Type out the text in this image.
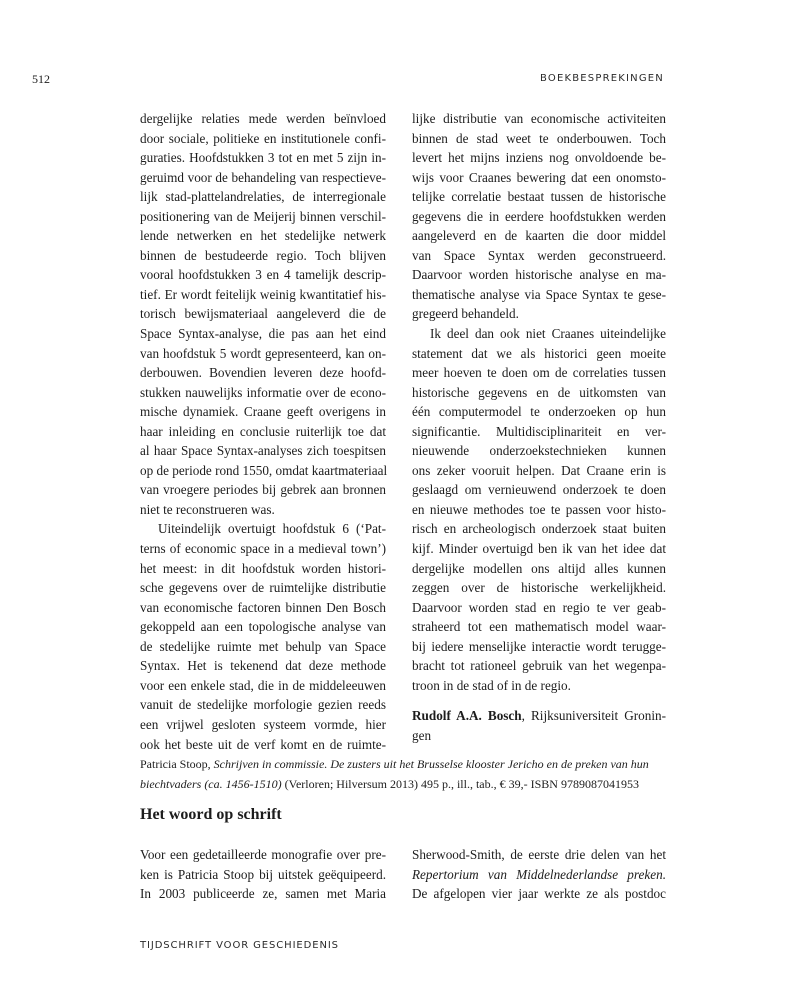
512	BOEKBESPREKINGEN
dergelijke relaties mede werden beïnvloed
door sociale, politieke en institutionele confi-
guraties. Hoofdstukken 3 tot en met 5 zijn in-
geruimd voor de behandeling van respectieve-
lijk stad-plattelandrelaties, de interregionale
positionering van de Meijerij binnen verschil-
lende netwerken en het stedelijke netwerk
binnen de bestudeerde regio. Toch blijven
vooral hoofdstukken 3 en 4 tamelijk descrip-
tief. Er wordt feitelijk weinig kwantitatief his-
torisch bewijsmateriaal aangeleverd die de
Space Syntax-analyse, die pas aan het eind
van hoofdstuk 5 wordt gepresenteerd, kan on-
derbouwen. Bovendien leveren deze hoofd-
stukken nauwelijks informatie over de econo-
mische dynamiek. Craane geeft overigens in
haar inleiding en conclusie ruiterlijk toe dat
al haar Space Syntax-analyses zich toespitsen
op de periode rond 1550, omdat kaartmateriaal
van vroegere periodes bij gebrek aan bronnen
niet te reconstrueren was.
Uiteindelijk overtuigt hoofdstuk 6 (‘Pat-
terns of economic space in a medieval town’)
het meest: in dit hoofdstuk worden histori-
sche gegevens over de ruimtelijke distributie
van economische factoren binnen Den Bosch
gekoppeld aan een topologische analyse van
de stedelijke ruimte met behulp van Space
Syntax. Het is tekenend dat deze methode
voor een enkele stad, die in de middeleeuwen
vanuit de stedelijke morfologie gezien reeds
een vrijwel gesloten systeem vormde, hier
ook het beste uit de verf komt en de ruimte-
lijke distributie van economische activiteiten
binnen de stad weet te onderbouwen. Toch
levert het mijns inziens nog onvoldoende be-
wijs voor Craanes bewering dat een onomsto-
telijke correlatie bestaat tussen de historische
gegevens die in eerdere hoofdstukken werden
aangeleverd en de kaarten die door middel
van Space Syntax werden geconstrueerd.
Daarvoor worden historische analyse en ma-
thematische analyse via Space Syntax te gese-
gregeerd behandeld.
Ik deel dan ook niet Craanes uiteindelijke
statement dat we als historici geen moeite
meer hoeven te doen om de correlaties tussen
historische gegevens en de uitkomsten van
één computermodel te onderzoeken op hun
significantie. Multidisciplinariteit en ver-
nieuwende onderzoekstechnieken kunnen
ons zeker vooruit helpen. Dat Craane erin is
geslaagd om vernieuwend onderzoek te doen
en nieuwe methodes toe te passen voor histo-
risch en archeologisch onderzoek staat buiten
kijf. Minder overtuigd ben ik van het idee dat
dergelijke modellen ons altijd alles kunnen
zeggen over de historische werkelijkheid.
Daarvoor worden stad en regio te ver geab-
straheerd tot een mathematisch model waar-
bij iedere menselijke interactie wordt terugge-
bracht tot rationeel gebruik van het wegenpa-
troon in de stad of in de regio.
Rudolf A.A. Bosch, Rijksuniversiteit Gronin-
gen
Patricia Stoop, Schrijven in commissie. De zusters uit het Brusselse klooster Jericho en de preken van hun
biechtvaders (ca. 1456-1510) (Verloren; Hilversum 2013) 495 p., ill., tab., € 39,- ISBN 9789087041953
Het woord op schrift
Voor een gedetailleerde monografie over pre-
ken is Patricia Stoop bij uitstek geëquipeerd.
In 2003 publiceerde ze, samen met Maria
Sherwood-Smith, de eerste drie delen van het
Repertorium van Middelnederlandse preken.
De afgelopen vier jaar werkte ze als postdoc
TIJDSCHRIFT VOOR GESCHIEDENIS
